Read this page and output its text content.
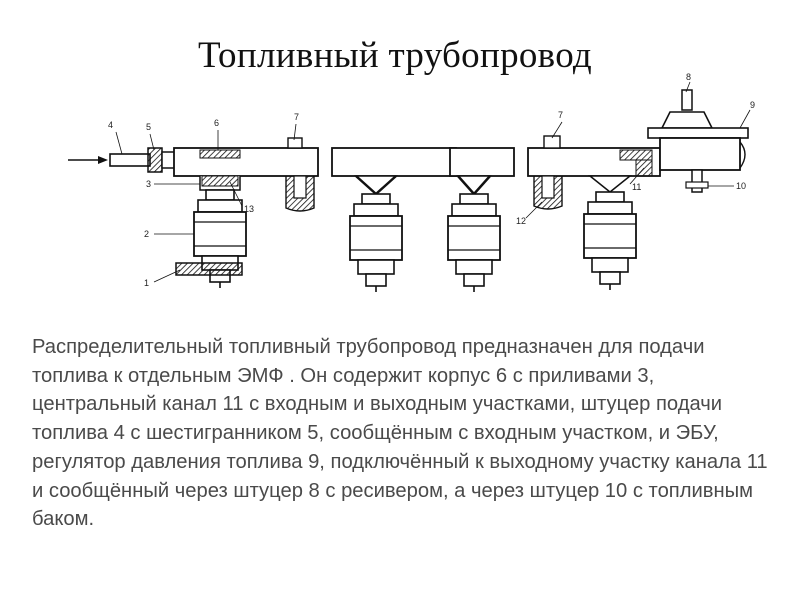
Топливный трубопровод
4	5	6
7
3
13
2
1
7
11
12
8
9
10

Распределительный топливный трубопровод предназначен для подачи топлива к отдельным ЭМФ . Он содержит корпус 6 с приливами 3, центральный канал 11 с входным и выходным участками, штуцер подачи топлива 4 с шестигранником 5, сообщённым с входным участком, и ЭБУ, регулятор давления топлива 9, подключённый к выходному участку канала 11 и сообщённый через штуцер 8 с ресивером, а через штуцер 10 с топливным баком.
